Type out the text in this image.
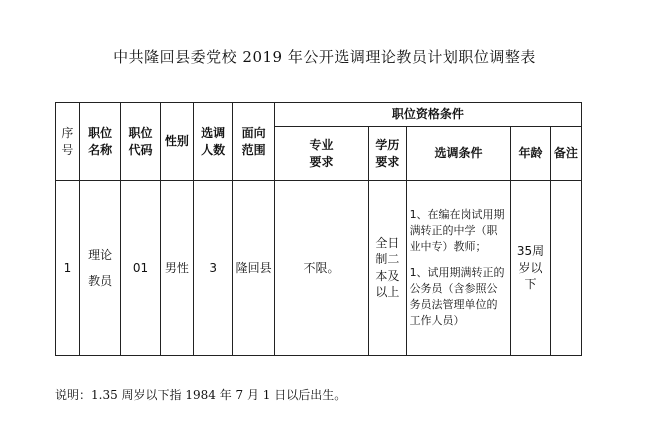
中共隆回县委党校 2019 年公开选调理论教员计划职位调整表
序号	职位名称	职位代码	性别	选调人数	面向范围	职位资格条件				
						专业要求	学历要求	选调条件	年龄	备注
1	理论教员	01	男性	3	隆回县	不限。	全日制二本及以上	1、在编在岗试用期满转正的中学（职业中专）教师；
1、试用期满转正的公务员（含参照公务员法管理单位的工作人员）	35周岁以下	
说明：1.35 周岁以下指 1984 年 7 月 1 日以后出生。
